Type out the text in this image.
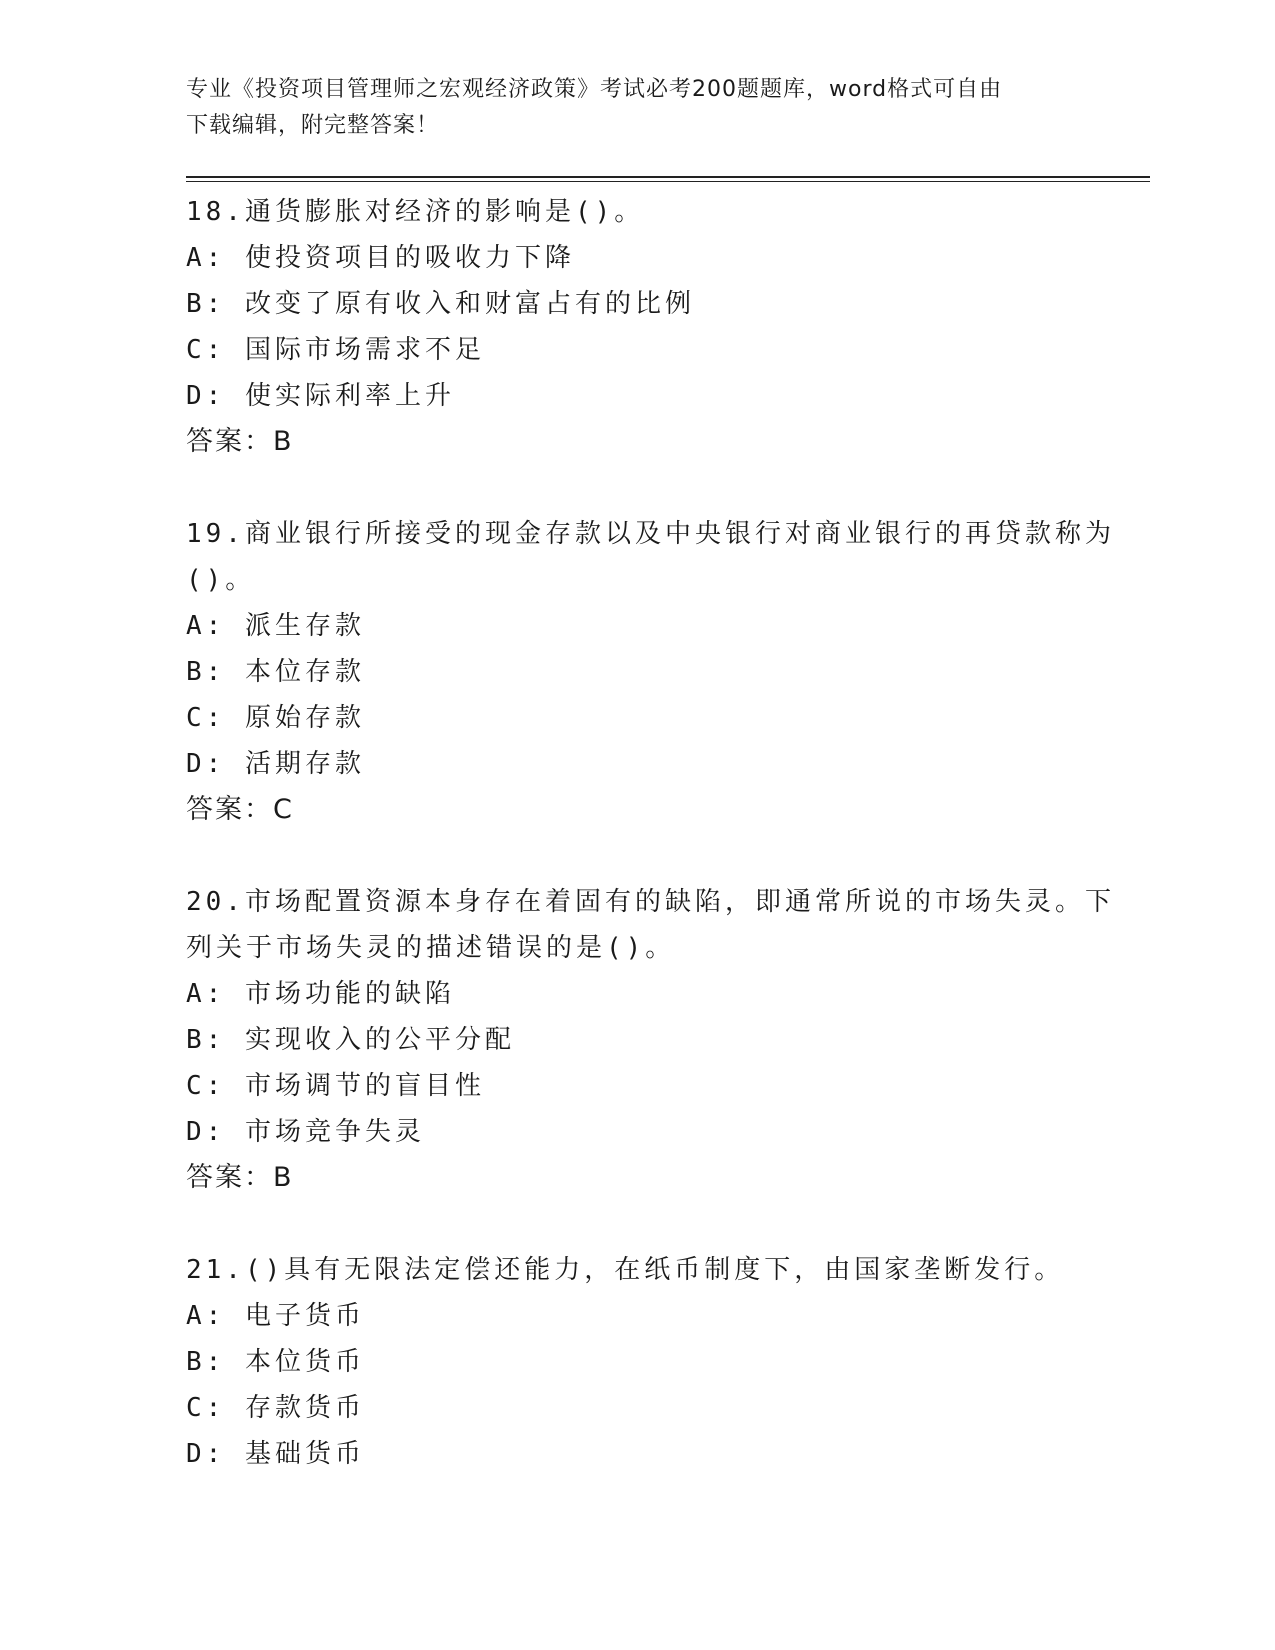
专业《投资项目管理师之宏观经济政策》考试必考200题题库，word格式可自由
下载编辑，附完整答案！
18.通货膨胀对经济的影响是()。
A: 使投资项目的吸收力下降
B: 改变了原有收入和财富占有的比例
C: 国际市场需求不足
D: 使实际利率上升
答案：B
19.商业银行所接受的现金存款以及中央银行对商业银行的再贷款称为
()。
A: 派生存款
B: 本位存款
C: 原始存款
D: 活期存款
答案：C
20.市场配置资源本身存在着固有的缺陷，即通常所说的市场失灵。下
列关于市场失灵的描述错误的是()。
A: 市场功能的缺陷
B: 实现收入的公平分配
C: 市场调节的盲目性
D: 市场竞争失灵
答案：B
21.()具有无限法定偿还能力，在纸币制度下，由国家垄断发行。
A: 电子货币
B: 本位货币
C: 存款货币
D: 基础货币
